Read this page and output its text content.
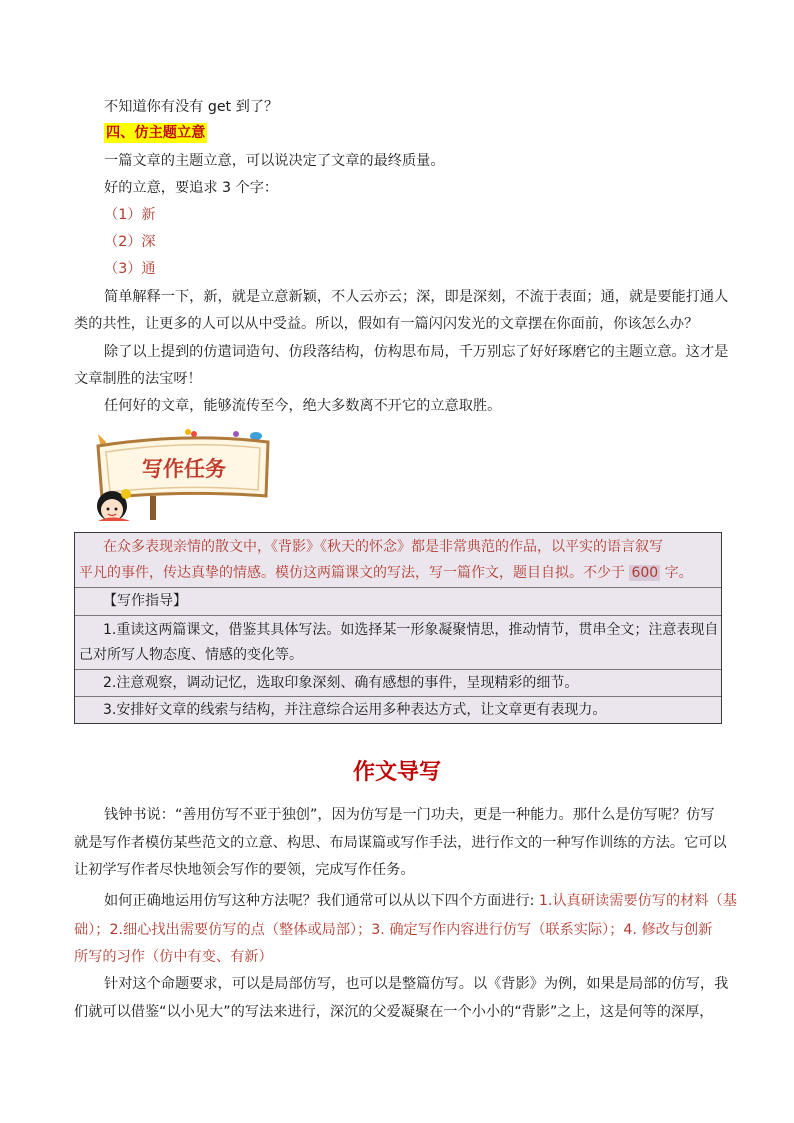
不知道你有没有 get 到了？
四、仿主题立意
一篇文章的主题立意，可以说决定了文章的最终质量。
好的立意，要追求 3 个字：
（1）新
（2）深
（3）通
简单解释一下，新，就是立意新颖，不人云亦云；深，即是深刻，不流于表面；通，就是要能打通人
类的共性，让更多的人可以从中受益。所以，假如有一篇闪闪发光的文章摆在你面前，你该怎么办？
除了以上提到的仿遣词造句、仿段落结构，仿构思布局，千万别忘了好好琢磨它的主题立意。这才是
文章制胜的法宝呀！
任何好的文章，能够流传至今，绝大多数离不开它的立意取胜。
写作任务
在众多表现亲情的散文中，《背影》《秋天的怀念》都是非常典范的作品，以平实的语言叙写
平凡的事件，传达真挚的情感。模仿这两篇课文的写法，写一篇作文，题目自拟。不少于 600 字。
【写作指导】
1.重读这两篇课文，借鉴其具体写法。如选择某一形象凝聚情思，推动情节，贯串全文；注意表现自
己对所写人物态度、情感的变化等。
2.注意观察，调动记忆，选取印象深刻、确有感想的事件，呈现精彩的细节。
3.安排好文章的线索与结构，并注意综合运用多种表达方式，让文章更有表现力。
作文导写
钱钟书说：“善用仿写不亚于独创”，因为仿写是一门功夫，更是一种能力。那什么是仿写呢？仿写
就是写作者模仿某些范文的立意、构思、布局谋篇或写作手法，进行作文的一种写作训练的方法。它可以
让初学写作者尽快地领会写作的要领，完成写作任务。
如何正确地运用仿写这种方法呢？我们通常可以从以下四个方面进行: 1.认真研读需要仿写的材料（基
础）；2.细心找出需要仿写的点（整体或局部）；3. 确定写作内容进行仿写（联系实际）；4. 修改与创新
所写的习作（仿中有变、有新）
针对这个命题要求，可以是局部仿写，也可以是整篇仿写。以《背影》为例，如果是局部的仿写，我
们就可以借鉴“以小见大”的写法来进行，深沉的父爱凝聚在一个小小的“背影”之上，这是何等的深厚，
